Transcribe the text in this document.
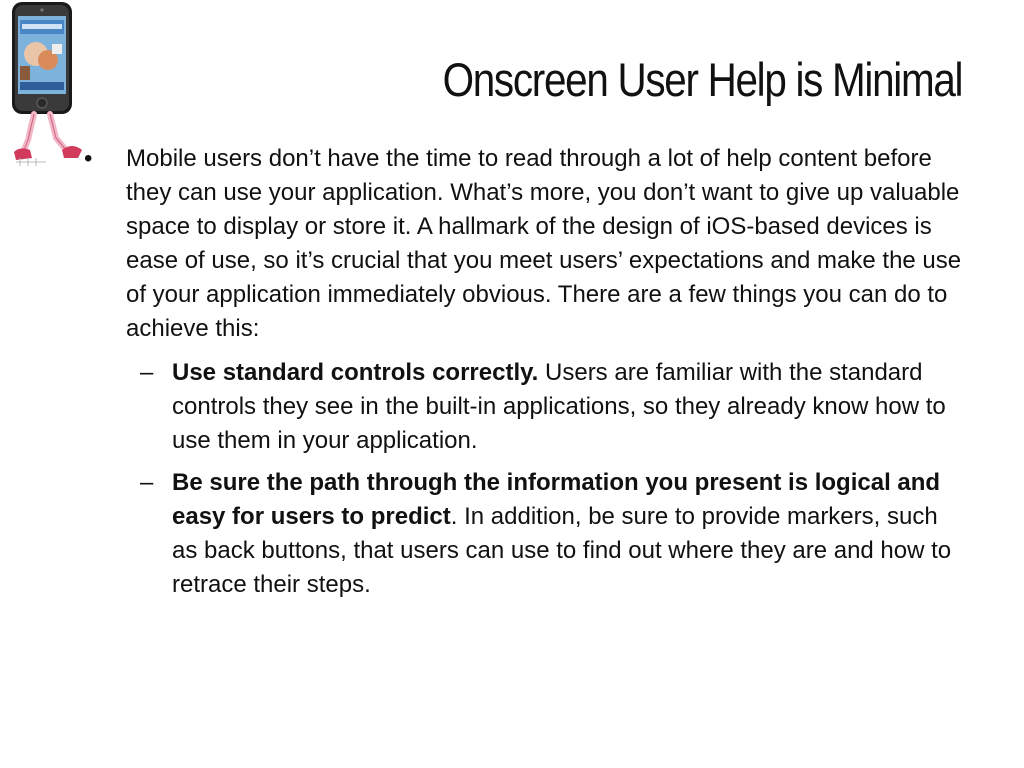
Onscreen User Help is Minimal

• Mobile users don’t have the time to read through a lot of help content before they can use your application. What’s more, you don’t want to give up valuable space to display or store it. A hallmark of the design of iOS-based devices is ease of use, so it’s crucial that you meet users’ expectations and make the use of your application immediately obvious. There are a few things you can do to achieve this:

– Use standard controls correctly. Users are familiar with the standard controls they see in the built-in applications, so they already know how to use them in your application.

– Be sure the path through the information you present is logical and easy for users to predict. In addition, be sure to provide markers, such as back buttons, that users can use to find out where they are and how to retrace their steps.
